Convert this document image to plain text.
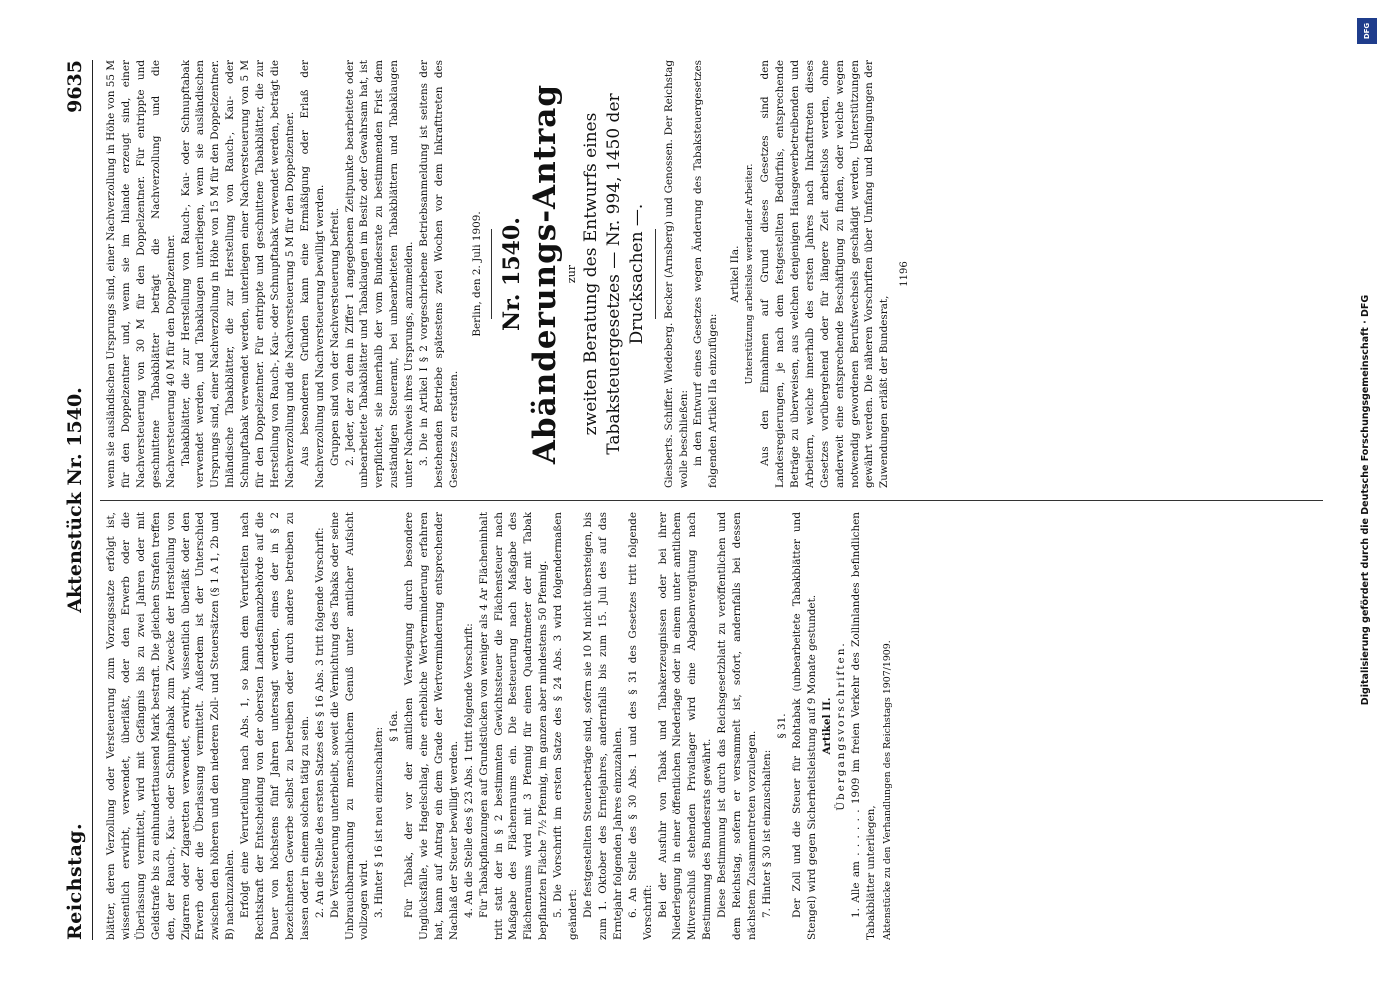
Reichstag.
Aktenstück Nr. 1540.
9635

blätter, deren Verzollung oder Versteuerung zum Vorzugssatze erfolgt ist, wissentlich erwirbt, verwendet, überläßt, oder den Erwerb oder die Überlassung vermittelt, wird mit Gefängnis bis zu zwei Jahren oder mit Geldstrafe bis zu einhunderttausend Mark bestraft. Die gleichen Strafen treffen den, der Rauch-, Kau- oder Schnupftabak zum Zwecke der Herstellung von Zigarren oder Zigaretten verwendet, erwirbt, wissentlich überläßt oder den Erwerb oder die Überlassung vermittelt. Außerdem ist der Unterschied zwischen den höheren und den niederen Zoll- und Steuersätzen (§ 1 A 1, 2b und B) nachzuzahlen. Erfolgt eine Verurteilung nach Abs. 1, so kann dem Verurteilten nach Rechtskraft der Entscheidung von der obersten Landesfinanzbehörde auf die Dauer von höchstens fünf Jahren untersagt werden, eines der in § 2 bezeichneten Gewerbe selbst zu betreiben oder durch andere betreiben zu lassen oder in einem solchen tätig zu sein. 2. An die Stelle des ersten Satzes des § 16 Abs. 3 tritt folgende Vorschrift: Die Versteuerung unterbleibt, soweit die Vernichtung des Tabaks oder seine Unbrauchbarmachung zu menschlichem Genuß unter amtlicher Aufsicht vollzogen wird. 3. Hinter § 16 ist neu einzuschalten:

§ 16a. Für Tabak, der vor der amtlichen Verwiegung durch besondere Unglücksfälle, wie Hagelschlag, eine erhebliche Wertverminderung erfahren hat, kann auf Antrag ein dem Grade der Wertverminderung entsprechender Nachlaß der Steuer bewilligt werden. 4. An die Stelle des § 23 Abs. 1 tritt folgende Vorschrift: Für Tabakpflanzungen auf Grundstücken von weniger als 4 Ar Flächeninhalt tritt statt der in § 2 bestimmten Gewichtssteuer die Flächensteuer nach Maßgabe des Flächenraums ein. Die Besteuerung nach Maßgabe des Flächenraums wird mit 3 Pfennig für einen Quadratmeter der mit Tabak bepflanzten Fläche 7½ Pfennig, im ganzen aber mindestens 50 Pfennig. 5. Die Vorschrift im ersten Satze des § 24 Abs. 3 wird folgendermaßen geändert: Die festgestellten Steuerbeträge sind, sofern sie 10 M nicht übersteigen, bis zum 1. Oktober des Erntejahres, andernfalls bis zum 15. Juli des auf das Erntejahr folgenden Jahres einzuzahlen. 6. An Stelle des § 30 Abs. 1 und des § 31 des Gesetzes tritt folgende Vorschrift: Bei der Ausfuhr von Tabak und Tabakerzeugnissen oder bei ihrer Niederlegung in einer öffentlichen Niederlage oder in einem unter amtlichem Mitverschluß stehenden Privatlager wird eine Abgabenvergütung nach Bestimmung des Bundesrats gewährt. Diese Bestimmung ist durch das Reichsgesetzblatt zu veröffentlichen und dem Reichstag, sofern er versammelt ist, sofort, andernfalls bei dessen nächstem Zusammentreten vorzulegen. 7. Hinter § 30 ist einzuschalten:

§ 31. Der Zoll und die Steuer für Rohtabak (unbearbeitete Tabakblätter und Stengel) wird gegen Sicherheitsleistung auf 9 Monate gestundet. Artikel II. Übergangsvorschriften. 1. Alle am . . . . . . 1909 im freien Verkehr des Zollinlandes befindlichen Tabakblätter unterliegen, Aktenstücke zu den Verhandlungen des Reichstags 1907/1909.

wenn sie ausländischen Ursprungs sind, einer Nachverzollung in Höhe von 55 M für den Doppelzentner und, wenn sie im Inlande erzeugt sind, einer Nachversteuerung von 30 M für den Doppelzentner. Für entrippte und geschnittene Tabakblätter beträgt die Nachverzollung und die Nachversteuerung 40 M für den Doppelzentner. Tabakblätter, die zur Herstellung von Rauch-, Kau- oder Schnupftabak verwendet werden, und Tabaklaugen unterliegen, wenn sie ausländischen Ursprungs sind, einer Nachverzollung in Höhe von 15 M für den Doppelzentner. Inländische Tabakblätter, die zur Herstellung von Rauch-, Kau- oder Schnupftabak verwendet werden, unterliegen einer Nachversteuerung von 5 M für den Doppelzentner. Für entrippte und geschnittene Tabakblätter, die zur Herstellung von Rauch-, Kau- oder Schnupftabak verwendet werden, beträgt die Nachverzollung und die Nachversteuerung 5 M für den Doppelzentner. Aus besonderen Gründen kann eine Ermäßigung oder Erlaß der Nachverzollung und Nachversteuerung bewilligt werden. Gruppen sind von der Nachversteuerung befreit. 2. Jeder, der zu dem in Ziffer 1 angegebenen Zeitpunkte bearbeitete oder unbearbeitete Tabakblätter und Tabaklaugen im Besitz oder Gewahrsam hat, ist verpflichtet, sie innerhalb der vom Bundesrate zu bestimmenden Frist dem zuständigen Steueramt, bei unbearbeiteten Tabakblättern und Tabaklaugen unter Nachweis ihres Ursprungs, anzumelden. 3. Die in Artikel I § 2 vorgeschriebene Betriebsanmeldung ist seitens der bestehenden Betriebe spätestens zwei Wochen vor dem Inkrafttreten des Gesetzes zu erstatten.

Berlin, den 2. Juli 1909. Nr. 1540. Abänderungs-Antrag zur zweiten Beratung des Entwurfs eines Tabaksteuergesetzes — Nr. 994, 1450 der Drucksachen —. Giesberts. Schiffer. Wiedeberg. Becker (Arnsberg) und Genossen. Der Reichstag wolle beschließen: in den Entwurf eines Gesetzes wegen Änderung des Tabaksteuergesetzes folgenden Artikel IIa einzufügen:

Artikel IIa. Unterstützung arbeitslos werdender Arbeiter. Aus den Einnahmen auf Grund dieses Gesetzes sind den Landesregierungen, je nach dem festgestellten Bedürfnis, entsprechende Beträge zu überweisen, aus welchen denjenigen Hausgewerbetreibenden und Arbeitern, welche innerhalb des ersten Jahres nach Inkrafttreten dieses Gesetzes vorübergehend oder für längere Zeit arbeitslos werden, ohne anderweit eine entsprechende Beschäftigung zu finden, oder welche wegen notwendig gewordenen Berufswechsels geschädigt werden, Unterstützungen gewährt werden. Die näheren Vorschriften über Umfang und Bedingungen der Zuwendungen erläßt der Bundesrat,

1196

DFG
Digitalisierung gefördert durch die Deutsche Forschungsgemeinschaft · DFG
